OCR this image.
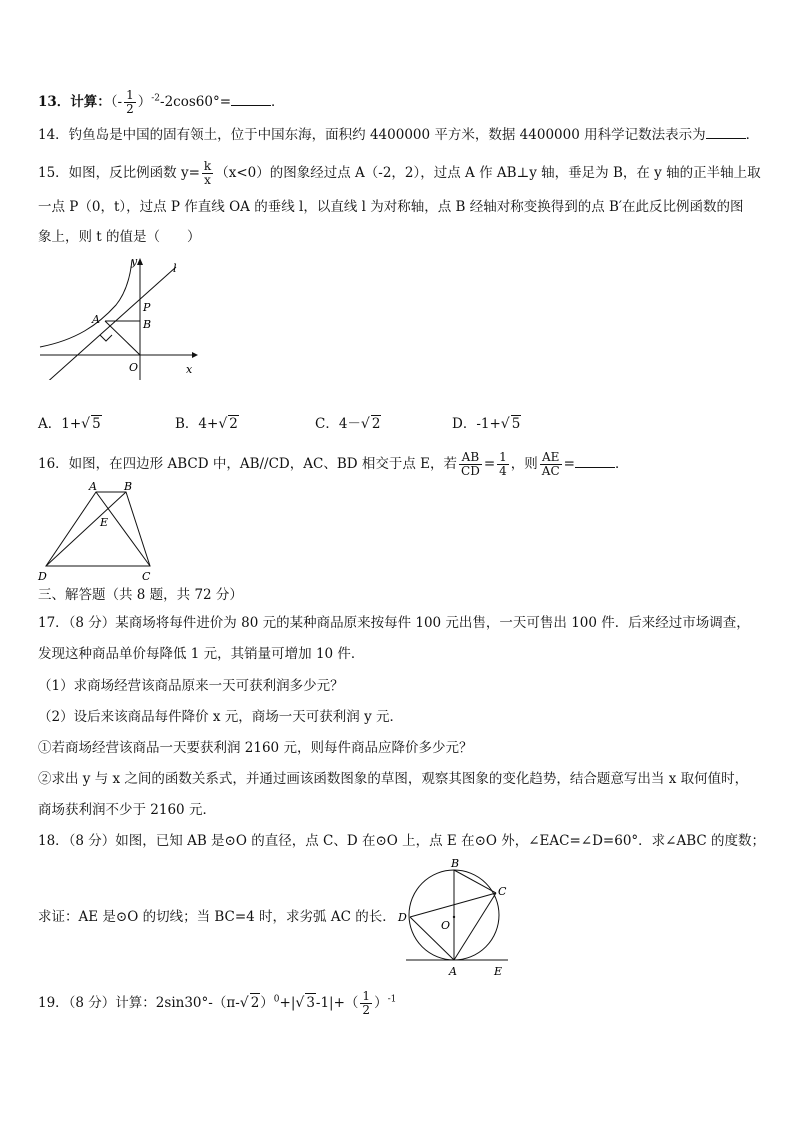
13．计算：（- $\frac{1}{2} )^{-2}-2\cos 60^\circ=$	．
14．钓鱼岛是中国的固有领土，位于中国东海，面积约 4400000 平方米，数据 4400000 用科学记数法表示为	．
15．如图，反比例函数 $y= \frac{k}{x} (x<0)$的图象经过点 A（-2，2），过点 A 作 AB⊥y 轴，垂足为 B，在 y 轴的正半轴上取
一点 P（0，t），过点 P 作直线 OA 的垂线 l，以直线 l 为对称轴，点 B 经轴对称变换得到的点 B′在此反比例函数的图
象上，则 t 的值是（　　）
y
x
l
A	B
P
O
A．1+√ 5	B．4+√ 2	C．4－√ 2	D．-1+√ 5
16．如图，在四边形 ABCD 中，AB//CD，AC、BD 相交于点 E，若 $\frac{AB}{CD} = \frac{1}{4}$ ，则 $\frac{AE}{AC}$ =	．
A B
C
D
E
三、解答题（共 8 题，共 72 分）
17．（8 分）某商场将每件进价为 80 元的某种商品原来按每件 100 元出售，一天可售出 100 件．后来经过市场调查，
发现这种商品单价每降低 1 元，其销量可增加 10 件．
（1）求商场经营该商品原来一天可获利润多少元？
（2）设后来该商品每件降价 x 元，商场一天可获利润 y 元．
①若商场经营该商品一天要获利润 2160 元，则每件商品应降价多少元？
②求出 y 与 x 之间的函数关系式，并通过画该函数图象的草图，观察其图象的变化趋势，结合题意写出当 x 取何值时，
商场获利润不少于 2160 元．
18．（8 分）如图，已知 AB 是⊙O 的直径，点 C、D 在⊙O 上，点 E 在⊙O 外，∠EAC=∠D=60°．求∠ABC 的度数；
求证：AE 是⊙O 的切线；当 BC=4 时，求劣弧 AC 的长．
B
C
D
O
A	E
19．（8 分）计算：2sin30°-（π-√ 2）$^0$+|√ $3-1|+( \frac{1}{2} )^{-1}$
